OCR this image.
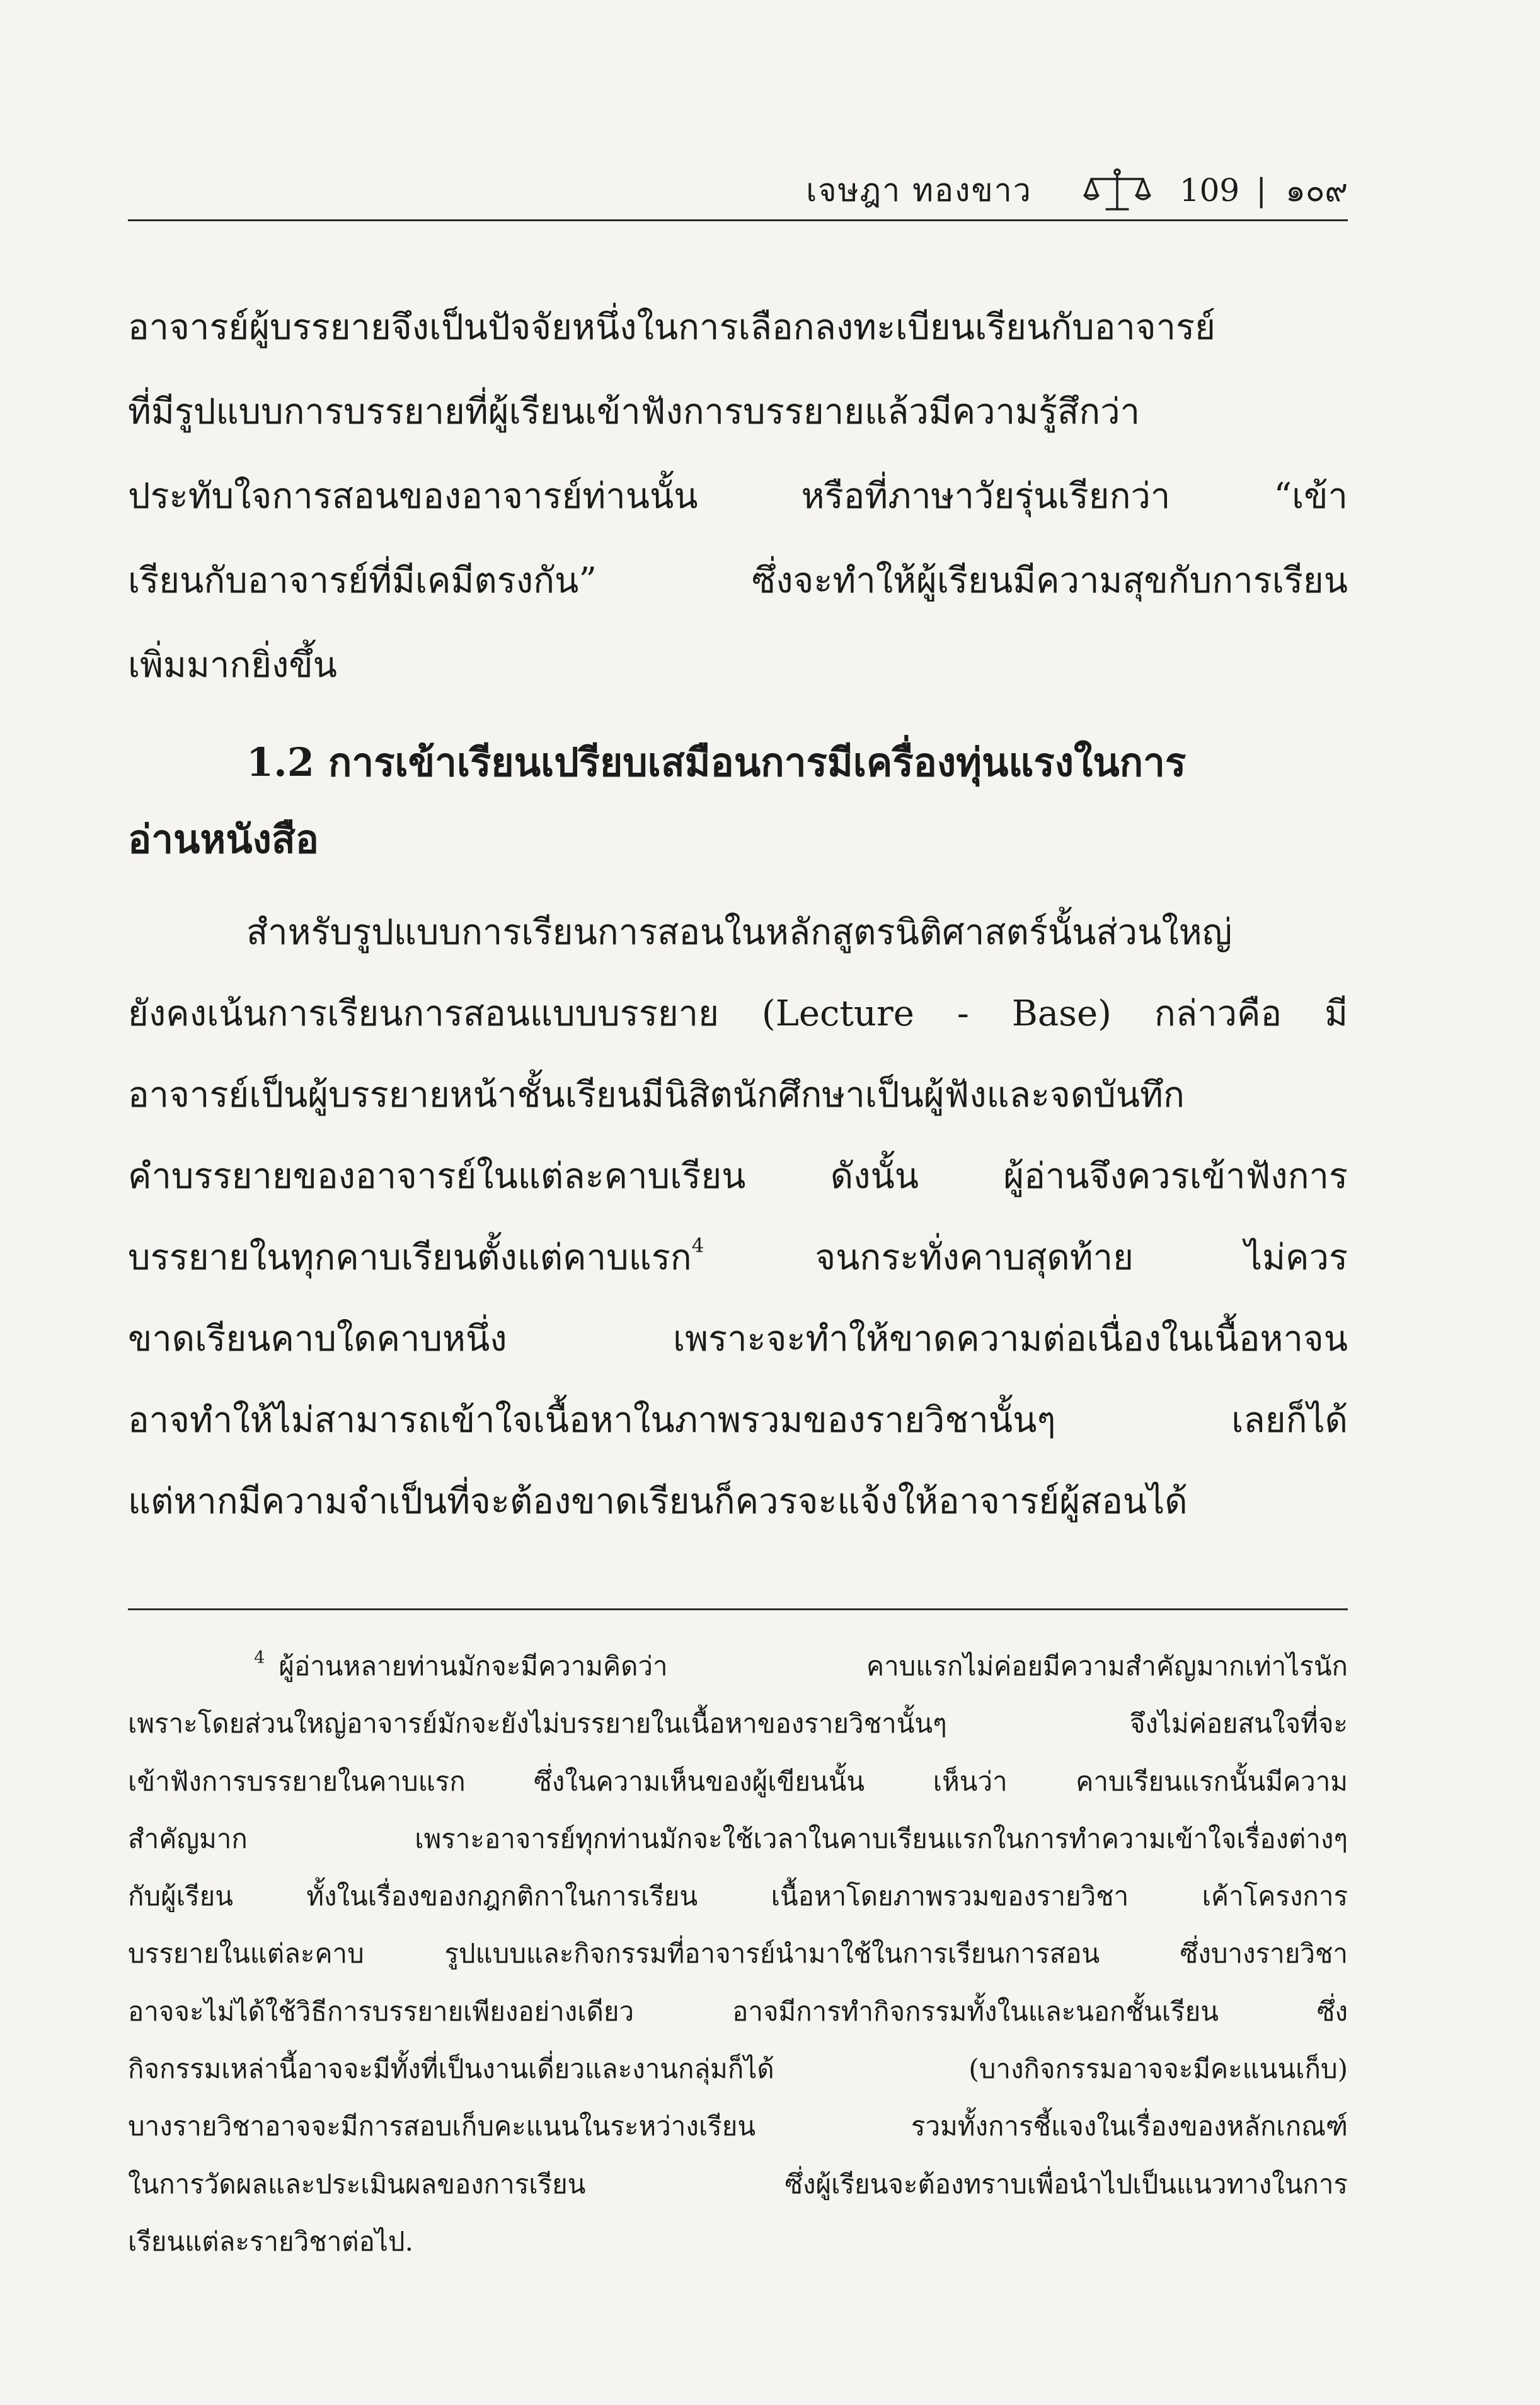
เจษฎา ทองขาว	109 | ๑๐๙
อาจารย์ผู้บรรยายจึงเป็นปัจจัยหนึ่งในการเลือกลงทะเบียนเรียนกับอาจารย์
ที่มีรูปแบบการบรรยายที่ผู้เรียนเข้าฟังการบรรยายแล้วมีความรู้สึกว่า
ประทับใจการสอนของอาจารย์ท่านนั้น หรือที่ภาษาวัยรุ่นเรียกว่า “เข้า
เรียนกับอาจารย์ที่มีเคมีตรงกัน” ซึ่งจะทำให้ผู้เรียนมีความสุขกับการเรียน
เพิ่มมากยิ่งขึ้น
1.2 การเข้าเรียนเปรียบเสมือนการมีเครื่องทุ่นแรงในการ
อ่านหนังสือ
สำหรับรูปแบบการเรียนการสอนในหลักสูตรนิติศาสตร์นั้นส่วนใหญ่
ยังคงเน้นการเรียนการสอนแบบบรรยาย (Lecture - Base) กล่าวคือ มี
อาจารย์เป็นผู้บรรยายหน้าชั้นเรียนมีนิสิตนักศึกษาเป็นผู้ฟังและจดบันทึก
คำบรรยายของอาจารย์ในแต่ละคาบเรียน ดังนั้น ผู้อ่านจึงควรเข้าฟังการ
บรรยายในทุกคาบเรียนตั้งแต่คาบแรก$^4$ จนกระทั่งคาบสุดท้าย ไม่ควร
ขาดเรียนคาบใดคาบหนึ่ง เพราะจะทำให้ขาดความต่อเนื่องในเนื้อหาจน
อาจทำให้ไม่สามารถเข้าใจเนื้อหาในภาพรวมของรายวิชานั้นๆ เลยก็ได้
แต่หากมีความจำเป็นที่จะต้องขาดเรียนก็ควรจะแจ้งให้อาจารย์ผู้สอนได้
$^4$ ผู้อ่านหลายท่านมักจะมีความคิดว่า คาบแรกไม่ค่อยมีความสำคัญมากเท่าไรนัก
เพราะโดยส่วนใหญ่อาจารย์มักจะยังไม่บรรยายในเนื้อหาของรายวิชานั้นๆ จึงไม่ค่อยสนใจที่จะ
เข้าฟังการบรรยายในคาบแรก ซึ่งในความเห็นของผู้เขียนนั้น เห็นว่า คาบเรียนแรกนั้นมีความ
สำคัญมาก เพราะอาจารย์ทุกท่านมักจะใช้เวลาในคาบเรียนแรกในการทำความเข้าใจเรื่องต่างๆ
กับผู้เรียน ทั้งในเรื่องของกฎกติกาในการเรียน เนื้อหาโดยภาพรวมของรายวิชา เค้าโครงการ
บรรยายในแต่ละคาบ รูปแบบและกิจกรรมที่อาจารย์นำมาใช้ในการเรียนการสอน ซึ่งบางรายวิชา
อาจจะไม่ได้ใช้วิธีการบรรยายเพียงอย่างเดียว อาจมีการทำกิจกรรมทั้งในและนอกชั้นเรียน ซึ่ง
กิจกรรมเหล่านี้อาจจะมีทั้งที่เป็นงานเดี่ยวและงานกลุ่มก็ได้ (บางกิจกรรมอาจจะมีคะแนนเก็บ)
บางรายวิชาอาจจะมีการสอบเก็บคะแนนในระหว่างเรียน รวมทั้งการชี้แจงในเรื่องของหลักเกณฑ์
ในการวัดผลและประเมินผลของการเรียน ซึ่งผู้เรียนจะต้องทราบเพื่อนำไปเป็นแนวทางในการ
เรียนแต่ละรายวิชาต่อไป.
